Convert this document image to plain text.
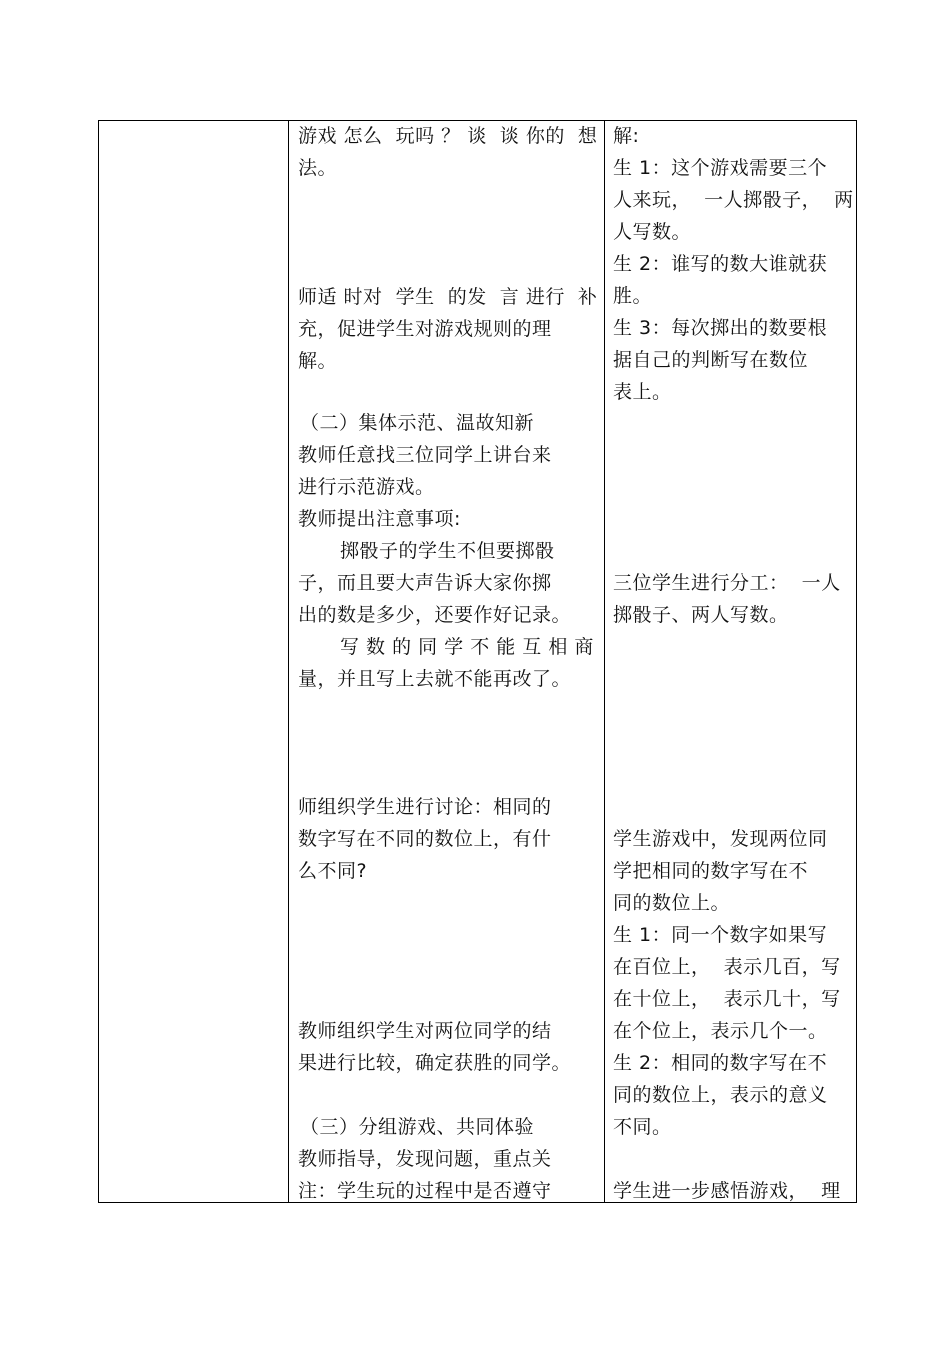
游戏 怎么  玩吗 ？ 谈  谈 你的  想
法。
师适 时对  学生  的发  言 进行  补
充，促进学生对游戏规则的理
解。
（二）集体示范、温故知新
教师任意找三位同学上讲台来
进行示范游戏。
教师提出注意事项:
掷骰子的学生不但要掷骰
子，而且要大声告诉大家你掷
出的数是多少，还要作好记录。
写 数 的 同 学 不 能 互 相 商
量，并且写上去就不能再改了。
师组织学生进行讨论：相同的
数字写在不同的数位上，有什
么不同?
教师组织学生对两位同学的结
果进行比较，确定获胜的同学。
（三）分组游戏、共同体验
教师指导，发现问题，重点关
注：学生玩的过程中是否遵守
解:
生 1：这个游戏需要三个
人来玩，  一人掷骰子，  两
人写数。
生 2：谁写的数大谁就获
胜。
生 3：每次掷出的数要根
据自己的判断写在数位
表上。
三位学生进行分工：  一人
掷骰子、两人写数。
学生游戏中，发现两位同
学把相同的数字写在不
同的数位上。
生 1：同一个数字如果写
在百位上，  表示几百，写
在十位上，  表示几十，写
在个位上，表示几个一。
生 2：相同的数字写在不
同的数位上，表示的意义
不同。
学生进一步感悟游戏，  理
